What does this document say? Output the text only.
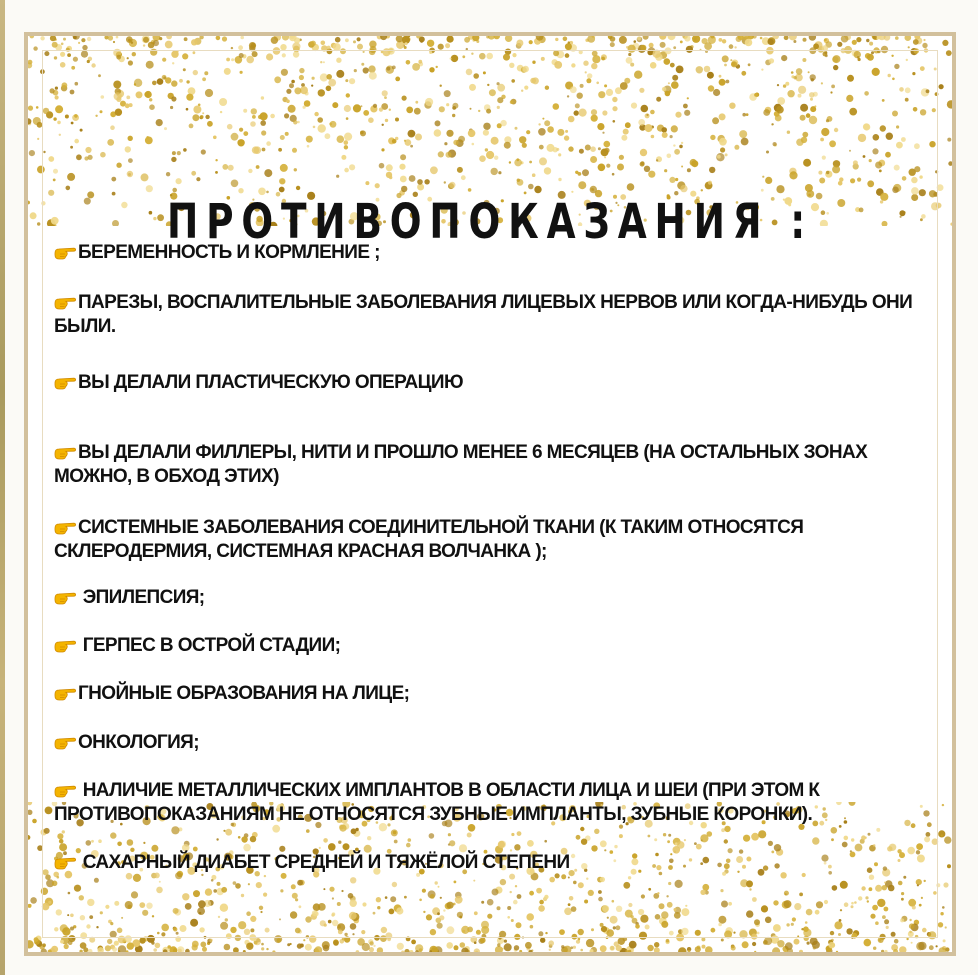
ПРОТИВОПОКАЗАНИЯ :
БЕРЕМЕННОСТЬ И КОРМЛЕНИЕ ;
ПАРЕЗЫ, ВОСПАЛИТЕЛЬНЫЕ ЗАБОЛЕВАНИЯ ЛИЦЕВЫХ НЕРВОВ ИЛИ КОГДА-НИБУДЬ ОНИ БЫЛИ.
ВЫ ДЕЛАЛИ ПЛАСТИЧЕСКУЮ ОПЕРАЦИЮ
ВЫ ДЕЛАЛИ ФИЛЛЕРЫ, НИТИ И ПРОШЛО МЕНЕЕ 6 МЕСЯЦЕВ (НА ОСТАЛЬНЫХ ЗОНАХ МОЖНО, В ОБХОД ЭТИХ)
СИСТЕМНЫЕ ЗАБОЛЕВАНИЯ СОЕДИНИТЕЛЬНОЙ ТКАНИ (К ТАКИМ ОТНОСЯТСЯ СКЛЕРОДЕРМИЯ, СИСТЕМНАЯ КРАСНАЯ ВОЛЧАНКА );
ЭПИЛЕПСИЯ;
ГЕРПЕС В ОСТРОЙ СТАДИИ;
ГНОЙНЫЕ ОБРАЗОВАНИЯ НА ЛИЦЕ;
ОНКОЛОГИЯ;
НАЛИЧИЕ МЕТАЛЛИЧЕСКИХ ИМПЛАНТОВ В ОБЛАСТИ ЛИЦА И ШЕИ (ПРИ ЭТОМ К ПРОТИВОПОКАЗАНИЯМ НЕ ОТНОСЯТСЯ ЗУБНЫЕ ИМПЛАНТЫ, ЗУБНЫЕ КОРОНКИ).
САХАРНЫЙ ДИАБЕТ СРЕДНЕЙ И ТЯЖЁЛОЙ СТЕПЕНИ
